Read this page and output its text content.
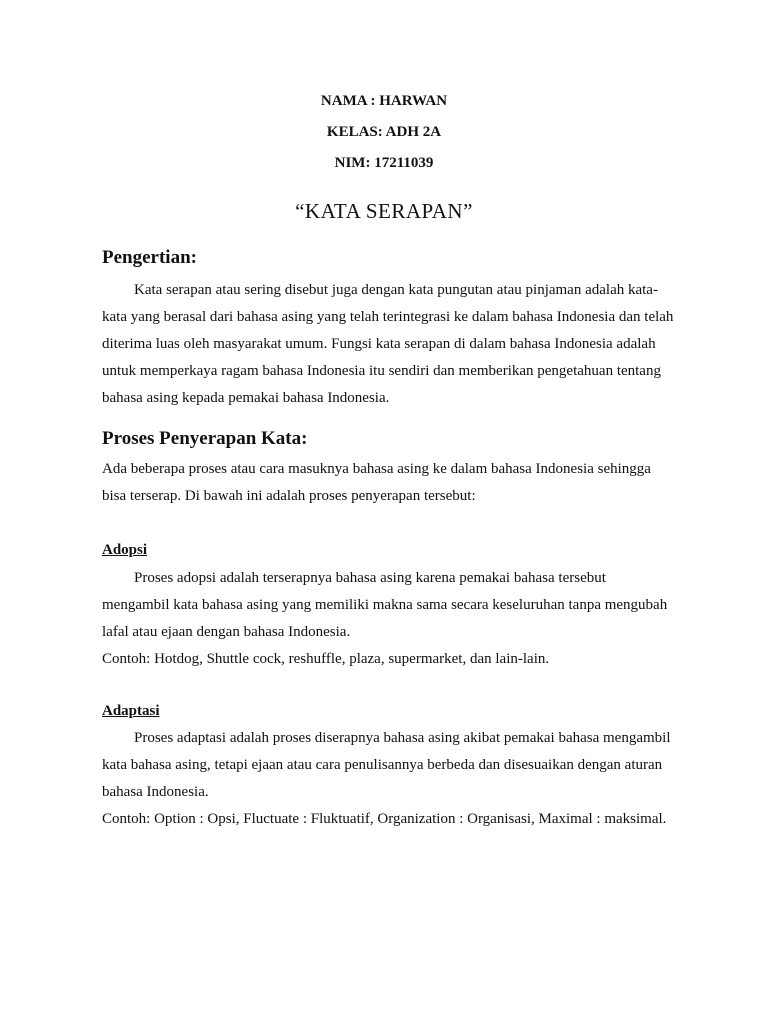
NAMA : HARWAN
KELAS: ADH 2A
NIM: 17211039
“KATA SERAPAN”
Pengertian:
Kata serapan atau sering disebut juga dengan kata pungutan atau pinjaman adalah kata-
kata yang berasal dari bahasa asing yang telah terintegrasi ke dalam bahasa Indonesia dan telah
diterima luas oleh masyarakat umum. Fungsi kata serapan di dalam bahasa Indonesia adalah
untuk memperkaya ragam bahasa Indonesia itu sendiri dan memberikan pengetahuan tentang
bahasa asing kepada pemakai bahasa Indonesia.
Proses Penyerapan Kata:
Ada beberapa proses atau cara masuknya bahasa asing ke dalam bahasa Indonesia sehingga
bisa terserap. Di bawah ini adalah proses penyerapan tersebut:
Adopsi
Proses adopsi adalah terserapnya bahasa asing karena pemakai bahasa tersebut
mengambil kata bahasa asing yang memiliki makna sama secara keseluruhan tanpa mengubah
lafal atau ejaan dengan bahasa Indonesia.
Contoh: Hotdog, Shuttle cock, reshuffle, plaza, supermarket, dan lain-lain.
Adaptasi
Proses adaptasi adalah proses diserapnya bahasa asing akibat pemakai bahasa mengambil
kata bahasa asing, tetapi ejaan atau cara penulisannya berbeda dan disesuaikan dengan aturan
bahasa Indonesia.
Contoh: Option : Opsi, Fluctuate : Fluktuatif, Organization : Organisasi, Maximal : maksimal.
